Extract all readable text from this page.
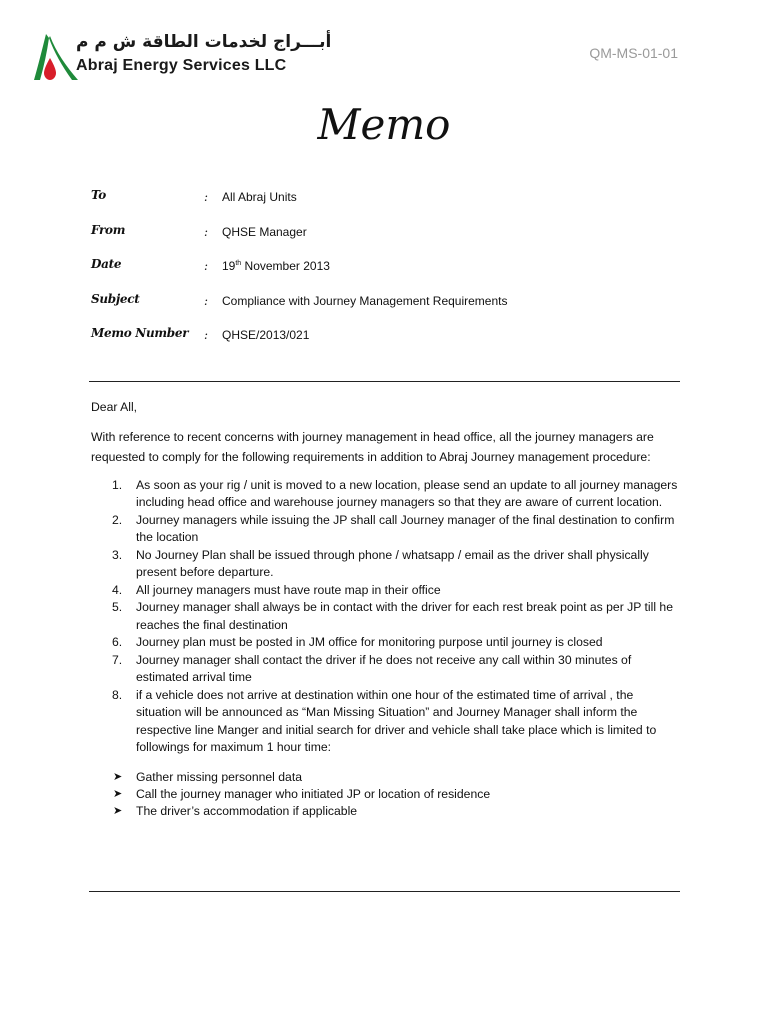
أبـــراج لخدمات الطاقة ش م م
Abraj Energy Services LLC
QM-MS-01-01
Memo
To	: All Abraj Units
From	: QHSE Manager
Date	: 19th November 2013
Subject	: Compliance with Journey Management Requirements
Memo Number : QHSE/2013/021

Dear All,

With reference to recent concerns with journey management in head office, all the journey managers are requested to comply for the following requirements in addition to Abraj Journey management procedure:

1. As soon as your rig / unit is moved to a new location, please send an update to all journey managers including head office and warehouse journey managers so that they are aware of current location.
2. Journey managers while issuing the JP shall call Journey manager of the final destination to confirm the location
3. No Journey Plan shall be issued through phone / whatsapp / email as the driver shall physically present before departure.
4. All journey managers must have route map in their office
5. Journey manager shall always be in contact with the driver for each rest break point as per JP till he reaches the final destination
6. Journey plan must be posted in JM office for monitoring purpose until journey is closed
7. Journey manager shall contact the driver if he does not receive any call within 30 minutes of estimated arrival time
8. if a vehicle does not arrive at destination within one hour of the estimated time of arrival , the situation will be announced as “Man Missing Situation” and Journey Manager shall inform the respective line Manger and initial search for driver and vehicle shall take place which is limited to followings for maximum 1 hour time:
➤ Gather missing personnel data
➤ Call the journey manager who initiated JP or location of residence
➤ The driver’s accommodation if applicable
